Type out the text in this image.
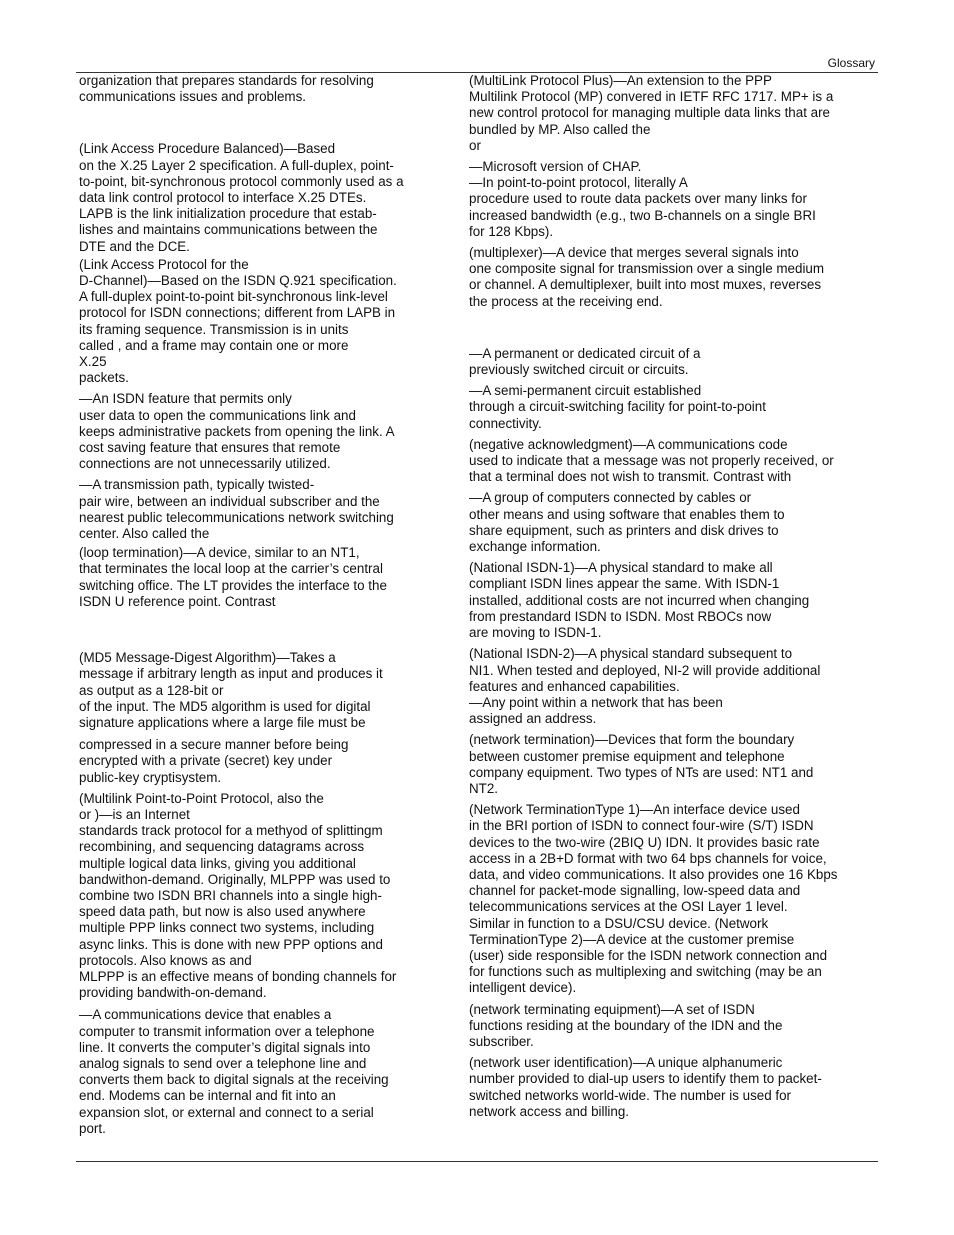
Glossary
organization that prepares standards for resolving
communications issues and problems.
(Link Access Procedure Balanced)—Based
on the X.25 Layer 2 specification. A full-duplex, point-
to-point, bit-synchronous protocol commonly used as a
data link control protocol to interface X.25 DTEs.
LAPB is the link initialization procedure that estab-
lishes and maintains communications between the
DTE and the DCE.
(Link Access Protocol for the
D-Channel)—Based on the ISDN Q.921 specification.
A full-duplex point-to-point bit-synchronous link-level
protocol for ISDN connections; different from LAPB in
its framing sequence. Transmission is in units
called , and a frame may contain one or more
X.25
packets.
—An ISDN feature that permits only
user data to open the communications link and
keeps administrative packets from opening the link. A
cost saving feature that ensures that remote
connections are not unnecessarily utilized.
—A transmission path, typically twisted-
pair wire, between an individual subscriber and the
nearest public telecommunications network switching
center. Also called the
(loop termination)—A device, similar to an NT1,
that terminates the local loop at the carrier’s central
switching office. The LT provides the interface to the
ISDN U reference point. Contrast
(MD5 Message-Digest Algorithm)—Takes a
message if arbitrary length as input and produces it
as output as a 128-bit or
of the input. The MD5 algorithm is used for digital
signature applications where a large file must be
compressed in a secure manner before being
encrypted with a private (secret) key under
public-key cryptisystem.
(Multilink Point-to-Point Protocol, also the
or )—is an Internet
standards track protocol for a methyod of splittingm
recombining, and sequencing datagrams across
multiple logical data links, giving you additional
bandwithon-demand. Originally, MLPPP was used to
combine two ISDN BRI channels into a single high-
speed data path, but now is also used anywhere
multiple PPP links connect two systems, including
async links. This is done with new PPP options and
protocols. Also knows as and
MLPPP is an effective means of bonding channels for
providing bandwith-on-demand.
—A communications device that enables a
computer to transmit information over a telephone
line. It converts the computer’s digital signals into
analog signals to send over a telephone line and
converts them back to digital signals at the receiving
end. Modems can be internal and fit into an
expansion slot, or external and connect to a serial
port.
(MultiLink Protocol Plus)—An extension to the PPP
Multilink Protocol (MP) convered in IETF RFC 1717. MP+ is a
new control protocol for managing multiple data links that are
bundled by MP. Also called the
or
—Microsoft version of CHAP.
—In point-to-point protocol, literally A
procedure used to route data packets over many links for
increased bandwidth (e.g., two B-channels on a single BRI
for 128 Kbps).
(multiplexer)—A device that merges several signals into
one composite signal for transmission over a single medium
or channel. A demultiplexer, built into most muxes, reverses
the process at the receiving end.
—A permanent or dedicated circuit of a
previously switched circuit or circuits.
—A semi-permanent circuit established
through a circuit-switching facility for point-to-point
connectivity.
(negative acknowledgment)—A communications code
used to indicate that a message was not properly received, or
that a terminal does not wish to transmit. Contrast with
—A group of computers connected by cables or
other means and using software that enables them to
share equipment, such as printers and disk drives to
exchange information.
(National ISDN-1)—A physical standard to make all
compliant ISDN lines appear the same. With ISDN-1
installed, additional costs are not incurred when changing
from prestandard ISDN to ISDN. Most RBOCs now
are moving to ISDN-1.
(National ISDN-2)—A physical standard subsequent to
NI1. When tested and deployed, NI-2 will provide additional
features and enhanced capabilities.
—Any point within a network that has been
assigned an address.
(network termination)—Devices that form the boundary
between customer premise equipment and telephone
company equipment. Two types of NTs are used: NT1 and
NT2.
(Network TerminationType 1)—An interface device used
in the BRI portion of ISDN to connect four-wire (S/T) ISDN
devices to the two-wire (2BIQ U) IDN. It provides basic rate
access in a 2B+D format with two 64 bps channels for voice,
data, and video communications. It also provides one 16 Kbps
channel for packet-mode signalling, low-speed data and
telecommunications services at the OSI Layer 1 level.
Similar in function to a DSU/CSU device. (Network
TerminationType 2)—A device at the customer premise
(user) side responsible for the ISDN network connection and
for functions such as multiplexing and switching (may be an
intelligent device).
(network terminating equipment)—A set of ISDN
functions residing at the boundary of the IDN and the
subscriber.
(network user identification)—A unique alphanumeric
number provided to dial-up users to identify them to packet-
switched networks world-wide. The number is used for
network access and billing.
